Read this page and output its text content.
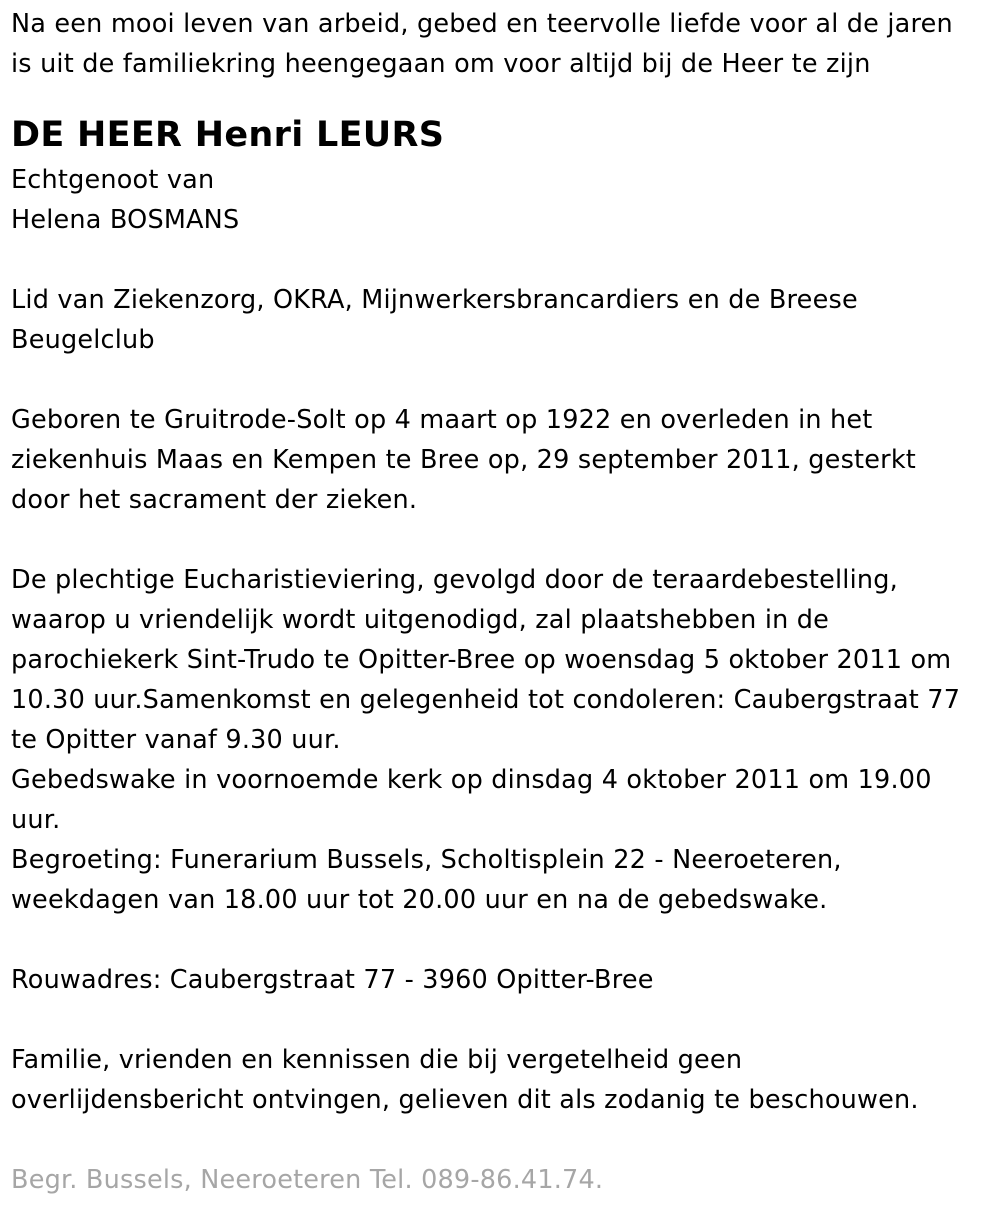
Na een mooi leven van arbeid, gebed en teervolle liefde voor al de jaren
is uit de familiekring heengegaan om voor altijd bij de Heer te zijn
DE HEER Henri LEURS
Echtgenoot van
Helena BOSMANS
Lid van Ziekenzorg, OKRA, Mijnwerkersbrancardiers en de Breese
Beugelclub
Geboren te Gruitrode-Solt op 4 maart op 1922 en overleden in het
ziekenhuis Maas en Kempen te Bree op, 29 september 2011, gesterkt
door het sacrament der zieken.
De plechtige Eucharistieviering, gevolgd door de teraardebestelling,
waarop u vriendelijk wordt uitgenodigd, zal plaatshebben in de
parochiekerk Sint-Trudo te Opitter-Bree op woensdag 5 oktober 2011 om
10.30 uur.Samenkomst en gelegenheid tot condoleren: Caubergstraat 77
te Opitter vanaf 9.30 uur.
Gebedswake in voornoemde kerk op dinsdag 4 oktober 2011 om 19.00
uur.
Begroeting: Funerarium Bussels, Scholtisplein 22 - Neeroeteren,
weekdagen van 18.00 uur tot 20.00 uur en na de gebedswake.
Rouwadres: Caubergstraat 77 - 3960 Opitter-Bree
Familie, vrienden en kennissen die bij vergetelheid geen
overlijdensbericht ontvingen, gelieven dit als zodanig te beschouwen.
Begr. Bussels, Neeroeteren Tel. 089-86.41.74.
